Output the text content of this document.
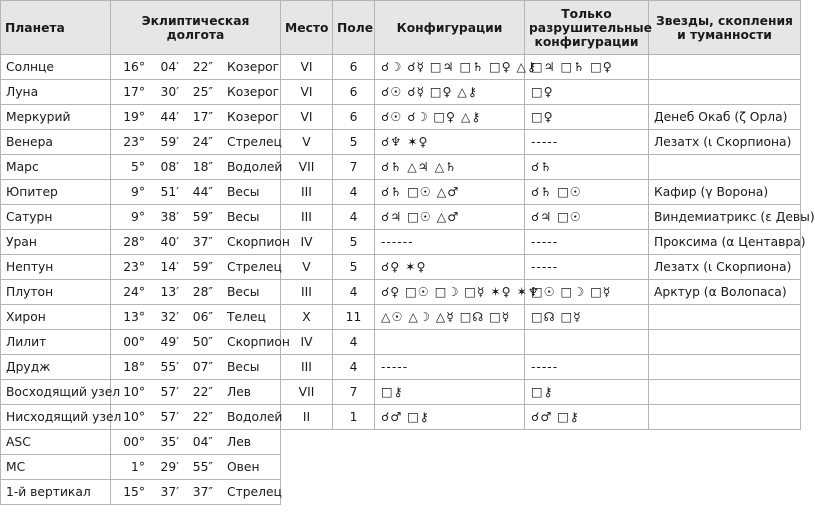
Планета	Эклиптическая долгота	Место	Поле	Конфигурации	Только разрушительные конфигурации	Звезды, скопления и туманности
Солнце	16° 04′ 22″ Козерог	VI	6	☌☽ ☌☿ □♃ □♄ □♀ △⚷	□♃ □♄ □♀	
Луна	17° 30′ 25″ Козерог	VI	6	☌☉ ☌☿ □♀ △⚷	□♀	
Меркурий	19° 44′ 17″ Козерог	VI	6	☌☉ ☌☽ □♀ △⚷	□♀	Денеб Окаб (ζ Орла)
Венера	23° 59′ 24″ Стрелец	V	5	☌♆ ✶♀	-----	Лезатх (ι Скорпиона)
Марс	5° 08′ 18″ Водолей	VII	7	☌♄ △♃ △♄	☌♄	
Юпитер	9° 51′ 44″ Весы	III	4	☌♄ □☉ △♂	☌♄ □☉	Кафир (γ Ворона)
Сатурн	9° 38′ 59″ Весы	III	4	☌♃ □☉ △♂	☌♃ □☉	Виндемиатрикс (ε Девы)
Уран	28° 40′ 37″ Скорпион	IV	5	------	-----	Проксима (α Центавра)
Нептун	23° 14′ 59″ Стрелец	V	5	☌♀ ✶♀	-----	Лезатх (ι Скорпиона)
Плутон	24° 13′ 28″ Весы	III	4	☌♀ □☉ □☽ □☿ ✶♀ ✶♆	□☉ □☽ □☿	Арктур (α Волопаса)
Хирон	13° 32′ 06″ Телец	X	11	△☉ △☽ △☿ □☊ □☿	□☊ □☿	
Лилит	00° 49′ 50″ Скорпион	IV	4			
Друдж	18° 55′ 07″ Весы	III	4	-----	-----	
Восходящий узел	10° 57′ 22″ Лев	VII	7	□⚷	□⚷	
Нисходящий узел	10° 57′ 22″ Водолей	II	1	☌♂ □⚷	☌♂ □⚷	
ASC	00° 35′ 04″ Лев					
MC	1° 29′ 55″ Овен					
1-й вертикал	15° 37′ 37″ Стрелец					
